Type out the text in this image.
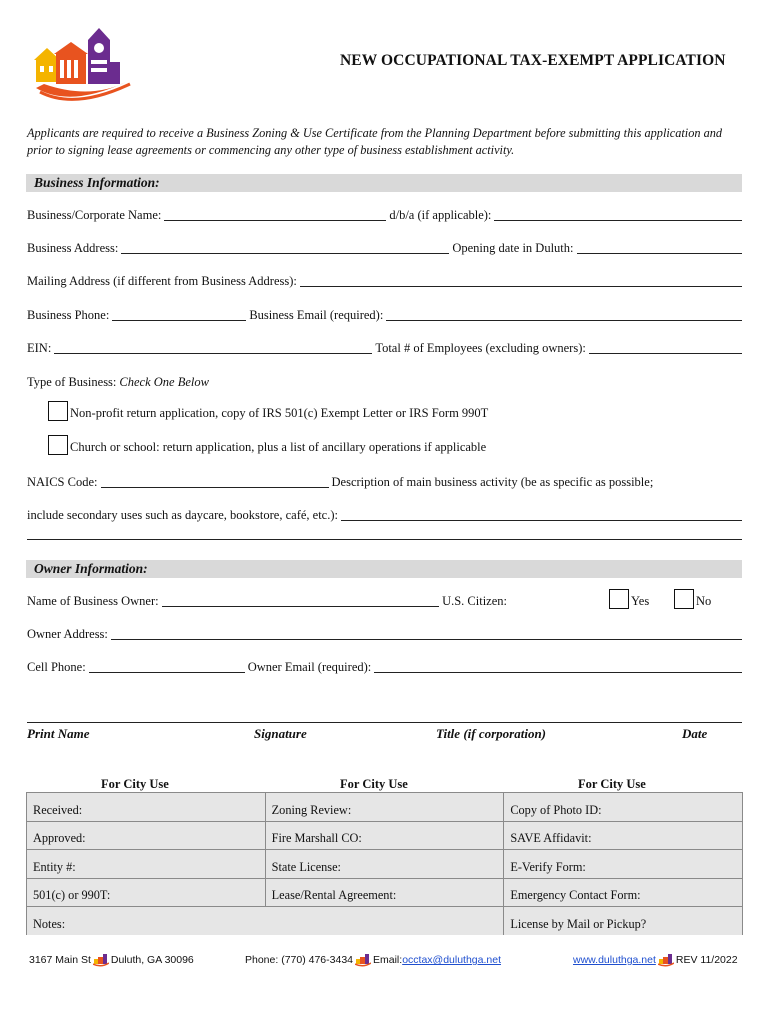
NEW OCCUPATIONAL TAX-EXEMPT APPLICATION
Applicants are required to receive a Business Zoning & Use Certificate from the Planning Department before submitting this application and prior to signing lease agreements or commencing any other type of business establishment activity.
Business Information:
Business/Corporate Name:	d/b/a (if applicable):
Business Address:	Opening date in Duluth:
Mailing Address (if different from Business Address):
Business Phone:	Business Email (required):
EIN:	Total # of Employees (excluding owners):
Type of Business: Check One Below
Non-profit return application, copy of IRS 501(c) Exempt Letter or IRS Form 990T
Church or school: return application, plus a list of ancillary operations if applicable
NAICS Code:	Description of main business activity (be as specific as possible;
include secondary uses such as daycare, bookstore, café, etc.):
Owner Information:
Name of Business Owner:	U.S. Citizen:	Yes	No
Owner Address:
Cell Phone:	Owner Email (required):
Print Name	Signature	Title (if corporation)	Date
For City Use	For City Use	For City Use
Received:	Zoning Review:	Copy of Photo ID:
Approved:	Fire Marshall CO:	SAVE Affidavit:
Entity #:	State License:	E-Verify Form:
501(c) or 990T:	Lease/Rental Agreement:	Emergency Contact Form:
Notes:		License by Mail or Pickup?
3167 Main St Duluth, GA 30096	Phone: (770) 476-3434 Email: occtax@duluthga.net	www.duluthga.net REV 11/2022
